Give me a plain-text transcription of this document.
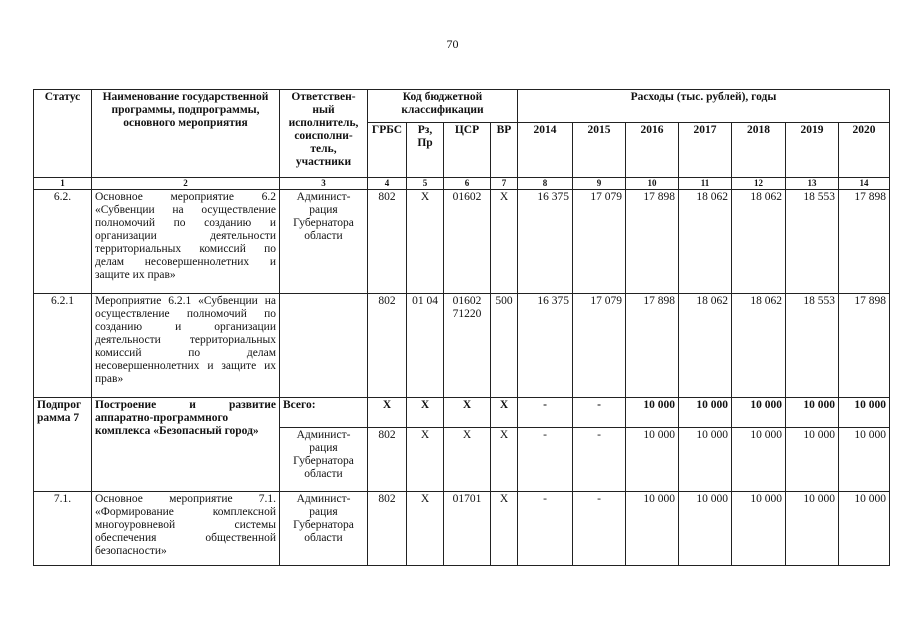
70
Статус	Наименование государственной программы, подпрограммы, основного мероприятия	Ответствен-ный исполнитель, соисполни-тель, участники	Код бюджетной классификации				Расходы (тыс. рублей), годы						
			ГРБС	Рз, Пр	ЦСР	ВР	2014	2015	2016	2017	2018	2019	2020
1	2	3	4	5	6	7	8	9	10	11	12	13	14
6.2.	Основное мероприятие 6.2 «Субвенции на осуществление полномочий по созданию и организации деятельности территориальных комиссий по делам несовершеннолетних и защите их прав»	Админист-рация Губернатора области	802	Х	01602	Х	16 375	17 079	17 898	18 062	18 062	18 553	17 898
6.2.1	Мероприятие 6.2.1 «Субвенции на осуществление полномочий по созданию и организации деятельности территориальных комиссий по делам несовершеннолетних и защите их прав»		802	01 04	01602 71220	500	16 375	17 079	17 898	18 062	18 062	18 553	17 898
Подпрог рамма 7	Построение и развитие аппаратно-программного комплекса «Безопасный город»	Всего:	Х	Х	Х	Х	-	-	10 000	10 000	10 000	10 000	10 000
		Админист-рация Губернатора области	802	Х	Х	Х	-	-	10 000	10 000	10 000	10 000	10 000
7.1.	Основное мероприятие 7.1. «Формирование комплексной многоуровневой системы обеспечения общественной безопасности»	Админист-рация Губернатора области	802	Х	01701	Х	-	-	10 000	10 000	10 000	10 000	10 000
